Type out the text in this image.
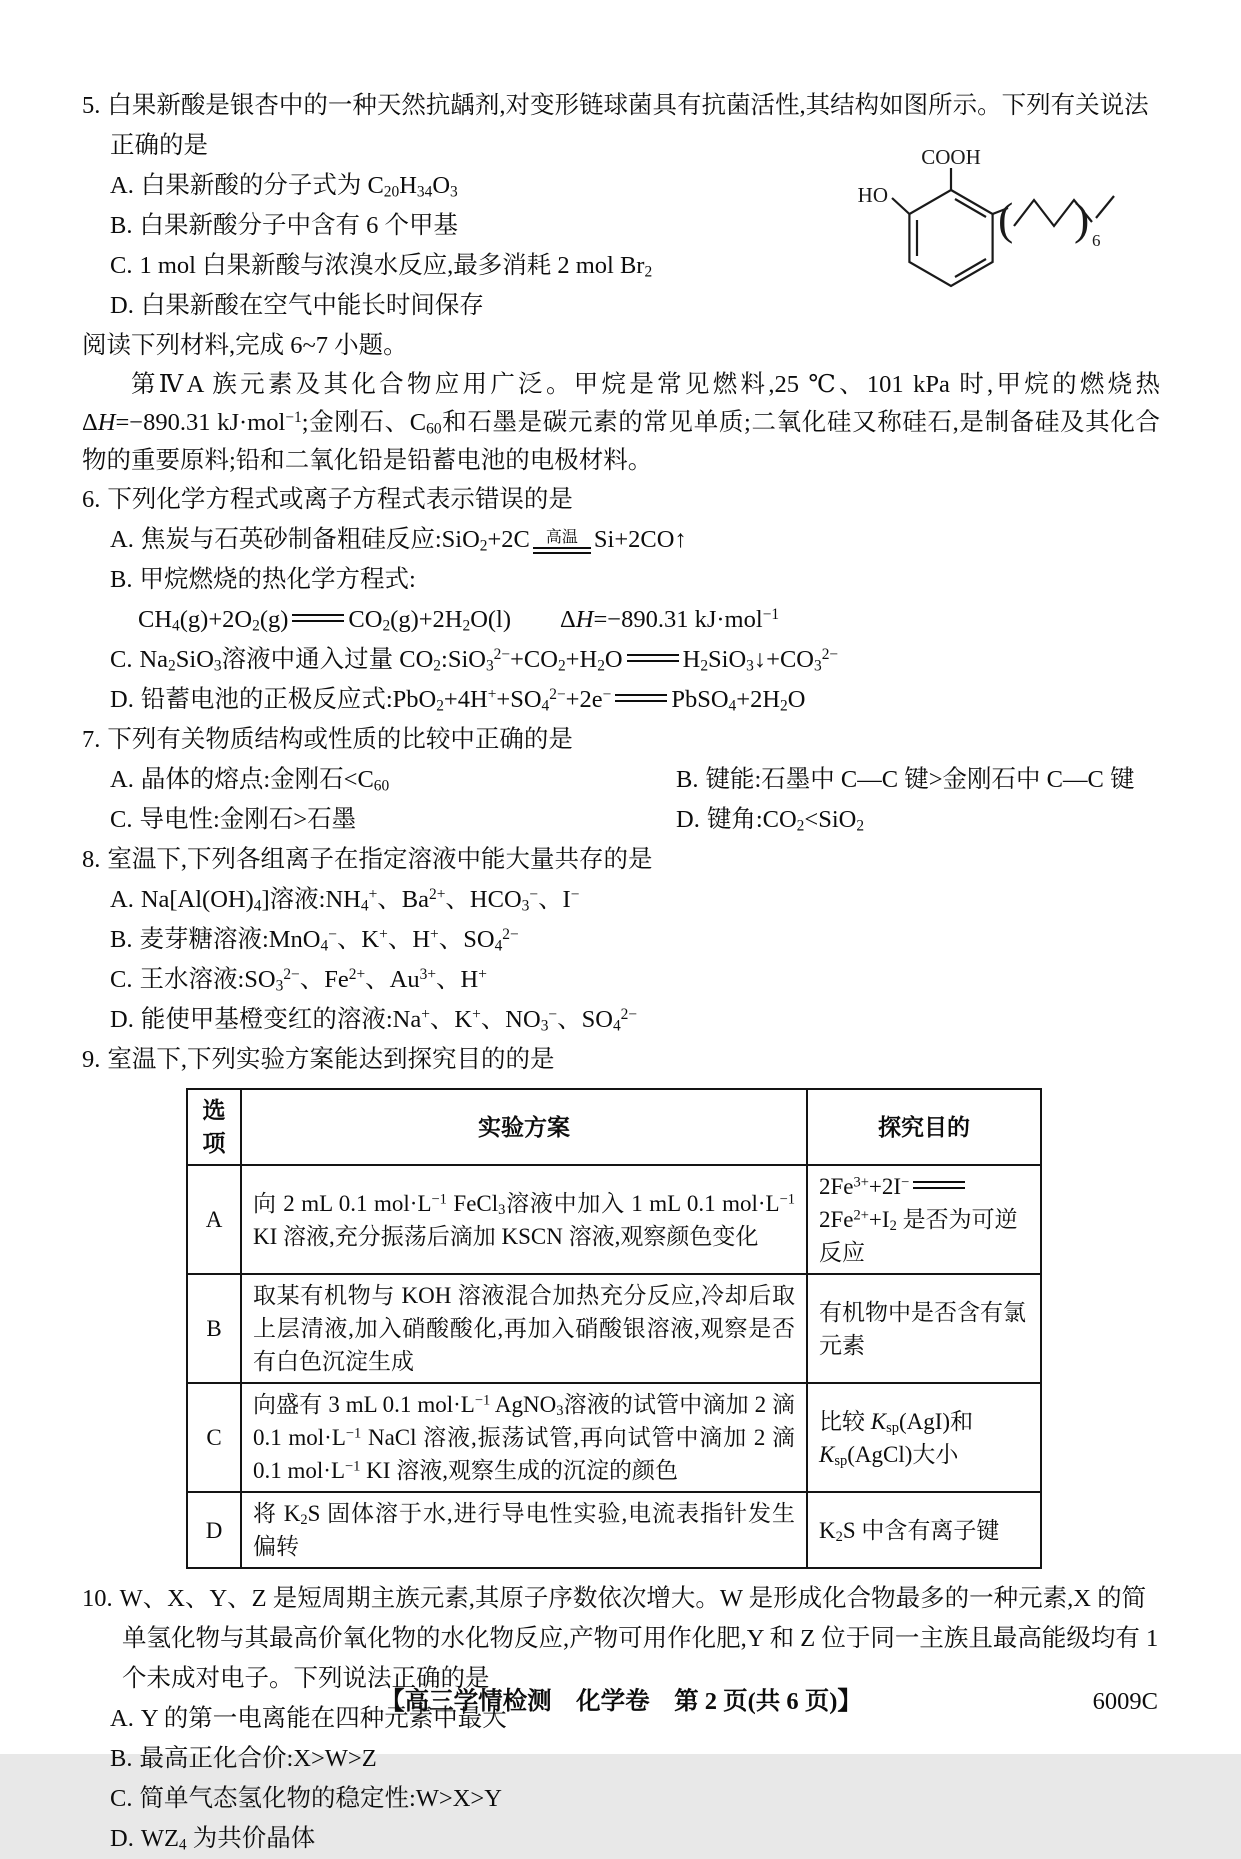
5. 白果新酸是银杏中的一种天然抗龋剂,对变形链球菌具有抗菌活性,其结构如图所示。下列有关说法正确的是

A. 白果新酸的分子式为 $C_{20}H_{34}O_3$

B. 白果新酸分子中含有 6 个甲基

C. 1 mol 白果新酸与浓溴水反应,最多消耗 2 mol $Br_2$

D. 白果新酸在空气中能长时间保存

阅读下列材料,完成 6~7 小题。

第ⅣA 族元素及其化合物应用广泛。甲烷是常见燃料,25 ℃、101 kPa 时,甲烷的燃烧热 ΔH=−890.31 kJ·mol$^{-1}$;金刚石、$C_{60}$和石墨是碳元素的常见单质;二氧化硅又称硅石,是制备硅及其化合物的重要原料;铅和二氧化铅是铅蓄电池的电极材料。

6. 下列化学方程式或离子方程式表示错误的是

A. 焦炭与石英砂制备粗硅反应:SiO$_2$+2C 高温 Si+2CO↑

B. 甲烷燃烧的热化学方程式:

$CH_4(g)+2O_2(g)$ $CO_2(g)+2H_2O(l)$　　ΔH=−890.31 kJ·mol$^{-1}$

C. $Na_2SiO_3$溶液中通入过量 $CO_2:SiO_3^{2-}+CO_2+H_2O$ $H_2SiO_3↓+CO_3^{2-}$

D. 铅蓄电池的正极反应式$:PbO_2+4H^++SO_4^{2-}+2e^-$ $PbSO_4+2H_2O$

7. 下列有关物质结构或性质的比较中正确的是

A. 晶体的熔点:金刚石$<C_{60}$	B. 键能:石墨中 C—C 键>金刚石中 C—C 键

C. 导电性:金刚石>石墨	D. 键角$:CO_2<SiO_2$

8. 室温下,下列各组离子在指定溶液中能大量共存的是

A. $Na[Al(OH)_4]$溶液$:NH_4^+$、$Ba^{2+}$、$HCO_3^-$、I−

B. 麦芽糖溶液:MnO$_4$−、K+、H+、$SO_4^{2-}$

C. 王水溶液$:SO_3^{2-}$、$Fe^{2+}$、$Au^{3+}$、H+

D. 能使甲基橙变红的溶液:Na+、K+、$NO_3^-$、$SO_4^{2-}$

9. 室温下,下列实验方案能达到探究目的的是

选项	实验方案	探究目的
A	向 2 mL 0.1 $mol\cdot L^{-1}$ FeCl$_3$溶液中加入 1 mL 0.1 $mol\cdot L^{-1}$ KI 溶液,充分振荡后滴加 KSCN 溶液,观察颜色变化	$2Fe^{3+}+2I^-2Fe^{2+}+I_2$ 是否为可逆反应
B	取某有机物与 KOH 溶液混合加热充分反应,冷却后取上层清液,加入硝酸酸化,再加入硝酸银溶液,观察是否有白色沉淀生成	有机物中是否含有氯元素
C	向盛有 3 mL 0.1 $mol\cdot L^{-1}$ AgNO$_3$溶液的试管中滴加 2 滴 0.1 $mol\cdot L^{-1}$ NaCl 溶液,振荡试管,再向试管中滴加 2 滴 0.1 $mol\cdot L^{-1}$ KI 溶液,观察生成的沉淀的颜色	比较 $K_{sp}(AgI)$和 $K_{sp}(AgCl)$大小
D	将 $K_2S$ 固体溶于水,进行导电性实验,电流表指针发生偏转	$K_2S$ 中含有离子键

10. W、X、Y、Z 是短周期主族元素,其原子序数依次增大。W 是形成化合物最多的一种元素,X 的简单氢化物与其最高价氧化物的水化物反应,产物可用作化肥,Y 和 Z 位于同一主族且最高能级均有 1 个未成对电子。下列说法正确的是

A. Y 的第一电离能在四种元素中最大

B. 最高正化合价:X>W>Z

C. 简单气态氢化物的稳定性:W>X>Y

D. $WZ_4$ 为共价晶体

COOH
HO ( ) 6
【高三学情检测　化学卷　第 2 页(共 6 页)】	6009C
